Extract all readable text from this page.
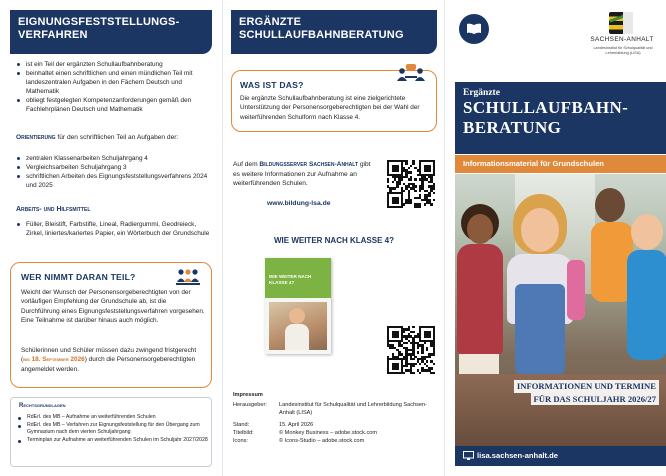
EIGNUNGSFESTSTELLUNGS-
VERFAHREN
ist ein Teil der ergänzten Schullaufbahnberatung
beinhaltet einen schriftlichen und einen mündlichen Teil mit landeszentralen Aufgaben in den Fächern Deutsch und Mathematik
obliegt festgelegten Kompetenzanforderungen gemäß den Fachlehrplänen Deutsch und Mathematik
Orientierung für den schriftlichen Teil an Aufgaben der:
zentralen Klassenarbeiten Schuljahrgang 4
Vergleichsarbeiten Schuljahrgang 3
schriftlichen Arbeiten des Eignungsfeststellungsverfahrens 2024 und 2025
Arbeits- und Hilfsmittel
Füller, Bleistift, Farbstifte, Lineal, Radiergummi, Geodreieck, Zirkel, liniertes/kariertes Papier, ein Wörterbuch der Grundschule
WER NIMMT DARAN TEIL?
Weicht der Wunsch der Personensorgeberechtigten von der vorläufigen Empfehlung der Grundschule ab, ist die Durchführung eines Eignungsfeststellungsverfahren vorgesehen. Eine Teilnahme ist darüber hinaus auch möglich.
Schülerinnen und Schüler müssen dazu zwingend fristgerecht (bis 18. September 2026) durch die Personensorgeberechtigten angemeldet werden.
Rechtsgrundlagen
RdErl. des MB – Aufnahme an weiterführenden Schulen
RdErl. des MB – Verfahren zur Eignungsfeststellung für den Übergang zum Gymnasium nach dem vierten Schuljahrgang
Terminplan zur Aufnahme an weiterführenden Schulen im Schuljahr 2027/2028
ERGÄNZTE
SCHULLAUFBAHNBERATUNG
WAS IST DAS?
Die ergänzte Schullaufbahnberatung ist eine zielgerichtete Unterstützung der Personensorgeberechtigten bei der Wahl der weiterführenden Schulform nach Klasse 4.
Auf dem Bildungsserver Sachsen-Anhalt gibt es weitere Informationen zur Aufnahme an weiterführenden Schulen.
www.bildung-lsa.de
WIE WEITER NACH KLASSE 4?
WIE WEITER NACH KLASSE 4?
Impressum
Herausgeber:	Landesinstitut für Schulqualität und Lehrerbildung Sachsen-Anhalt (LISA)
Stand:	15. April 2026
Titelbild:	© Monkey Business – adobe.stock.com
Icons:	© Icons-Studio – adobe.stock.com
SACHSEN-ANHALT
Landesinstitut für Schulqualität und Lehrerbildung (LISA)
Ergänzte
SCHULLAUFBAHN-
BERATUNG
Informationsmaterial für Grundschulen
INFORMATIONEN UND TERMINE
FÜR DAS SCHULJAHR 2026/27
lisa.sachsen-anhalt.de
